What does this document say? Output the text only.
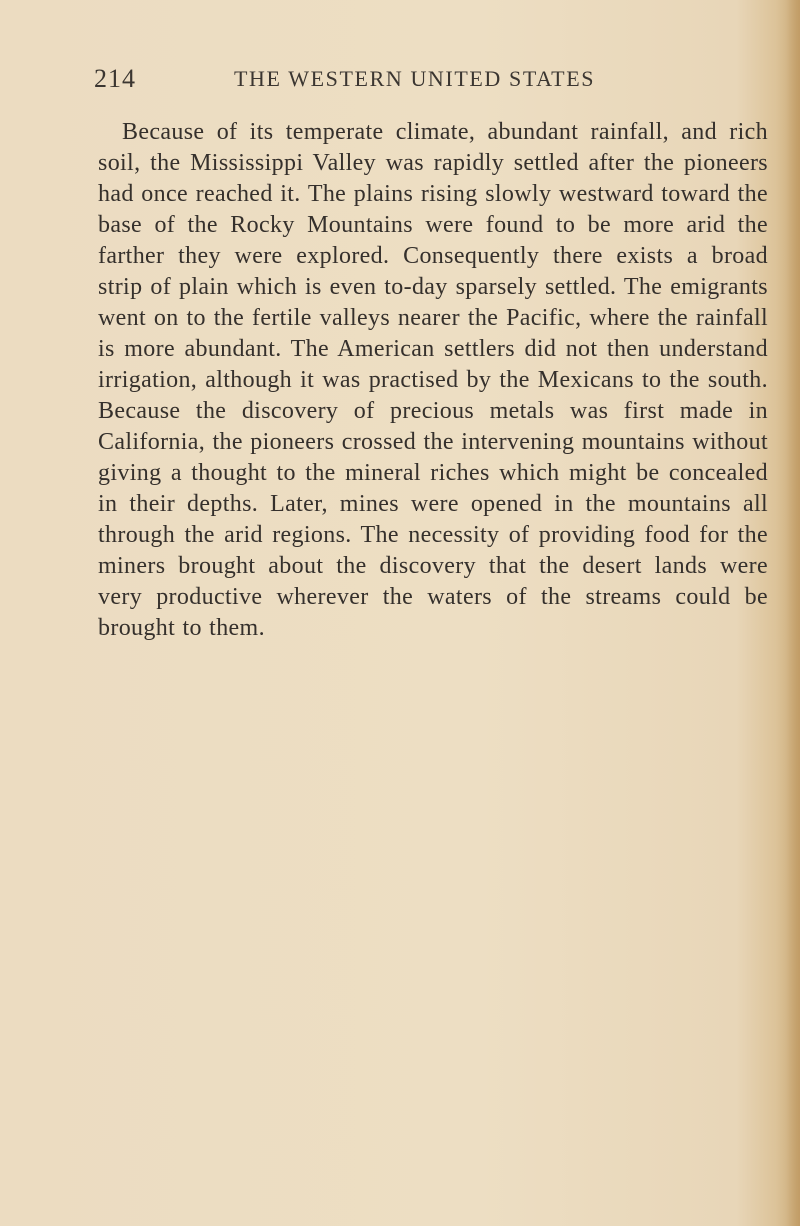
214	THE WESTERN UNITED STATES

Because of its temperate climate, abundant rainfall, and rich soil, the Mississippi Valley was rapidly settled after the pioneers had once reached it. The plains rising slowly westward toward the base of the Rocky Mountains were found to be more arid the farther they were explored. Consequently there exists a broad strip of plain which is even to-day sparsely settled. The emigrants went on to the fertile valleys nearer the Pacific, where the rainfall is more abundant. The American settlers did not then understand irrigation, although it was practised by the Mexicans to the south. Because the discovery of precious metals was first made in California, the pioneers crossed the intervening mountains without giving a thought to the mineral riches which might be concealed in their depths. Later, mines were opened in the mountains all through the arid regions. The necessity of providing food for the miners brought about the discovery that the desert lands were very productive wherever the waters of the streams could be brought to them.
